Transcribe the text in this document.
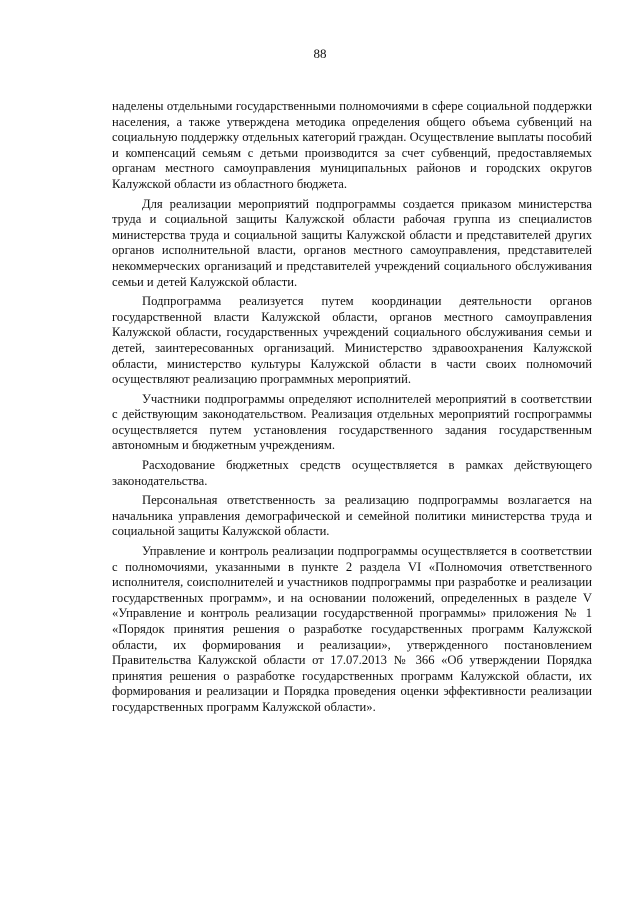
88

наделены отдельными государственными полномочиями в сфере социальной поддержки населения, а также утверждена методика определения общего объема субвенций на социальную поддержку отдельных категорий граждан. Осуществление выплаты пособий и компенсаций семьям с детьми производится за счет субвенций, предоставляемых органам местного самоуправления муниципальных районов и городских округов Калужской области из областного бюджета.

Для реализации мероприятий подпрограммы создается приказом министерства труда и социальной защиты Калужской области рабочая группа из специалистов министерства труда и социальной защиты Калужской области и представителей других органов исполнительной власти, органов местного самоуправления, представителей некоммерческих организаций и представителей учреждений социального обслуживания семьи и детей Калужской области.

Подпрограмма реализуется путем координации деятельности органов государственной власти Калужской области, органов местного самоуправления Калужской области, государственных учреждений социального обслуживания семьи и детей, заинтересованных организаций. Министерство здравоохранения Калужской области, министерство культуры Калужской области в части своих полномочий осуществляют реализацию программных мероприятий.

Участники подпрограммы определяют исполнителей мероприятий в соответствии с действующим законодательством. Реализация отдельных мероприятий госпрограммы осуществляется путем установления государственного задания государственным автономным и бюджетным учреждениям.

Расходование бюджетных средств осуществляется в рамках действующего законодательства.

Персональная ответственность за реализацию подпрограммы возлагается на начальника управления демографической и семейной политики министерства труда и социальной защиты Калужской области.

Управление и контроль реализации подпрограммы осуществляется в соответствии с полномочиями, указанными в пункте 2 раздела VI «Полномочия ответственного исполнителя, соисполнителей и участников подпрограммы при разработке и реализации государственных программ», и на основании положений, определенных в разделе V «Управление и контроль реализации государственной программы» приложения № 1 «Порядок принятия решения о разработке государственных программ Калужской области, их формирования и реализации», утвержденного постановлением Правительства Калужской области от 17.07.2013 № 366 «Об утверждении Порядка принятия решения о разработке государственных программ Калужской области, их формирования и реализации и Порядка проведения оценки эффективности реализации государственных программ Калужской области».
